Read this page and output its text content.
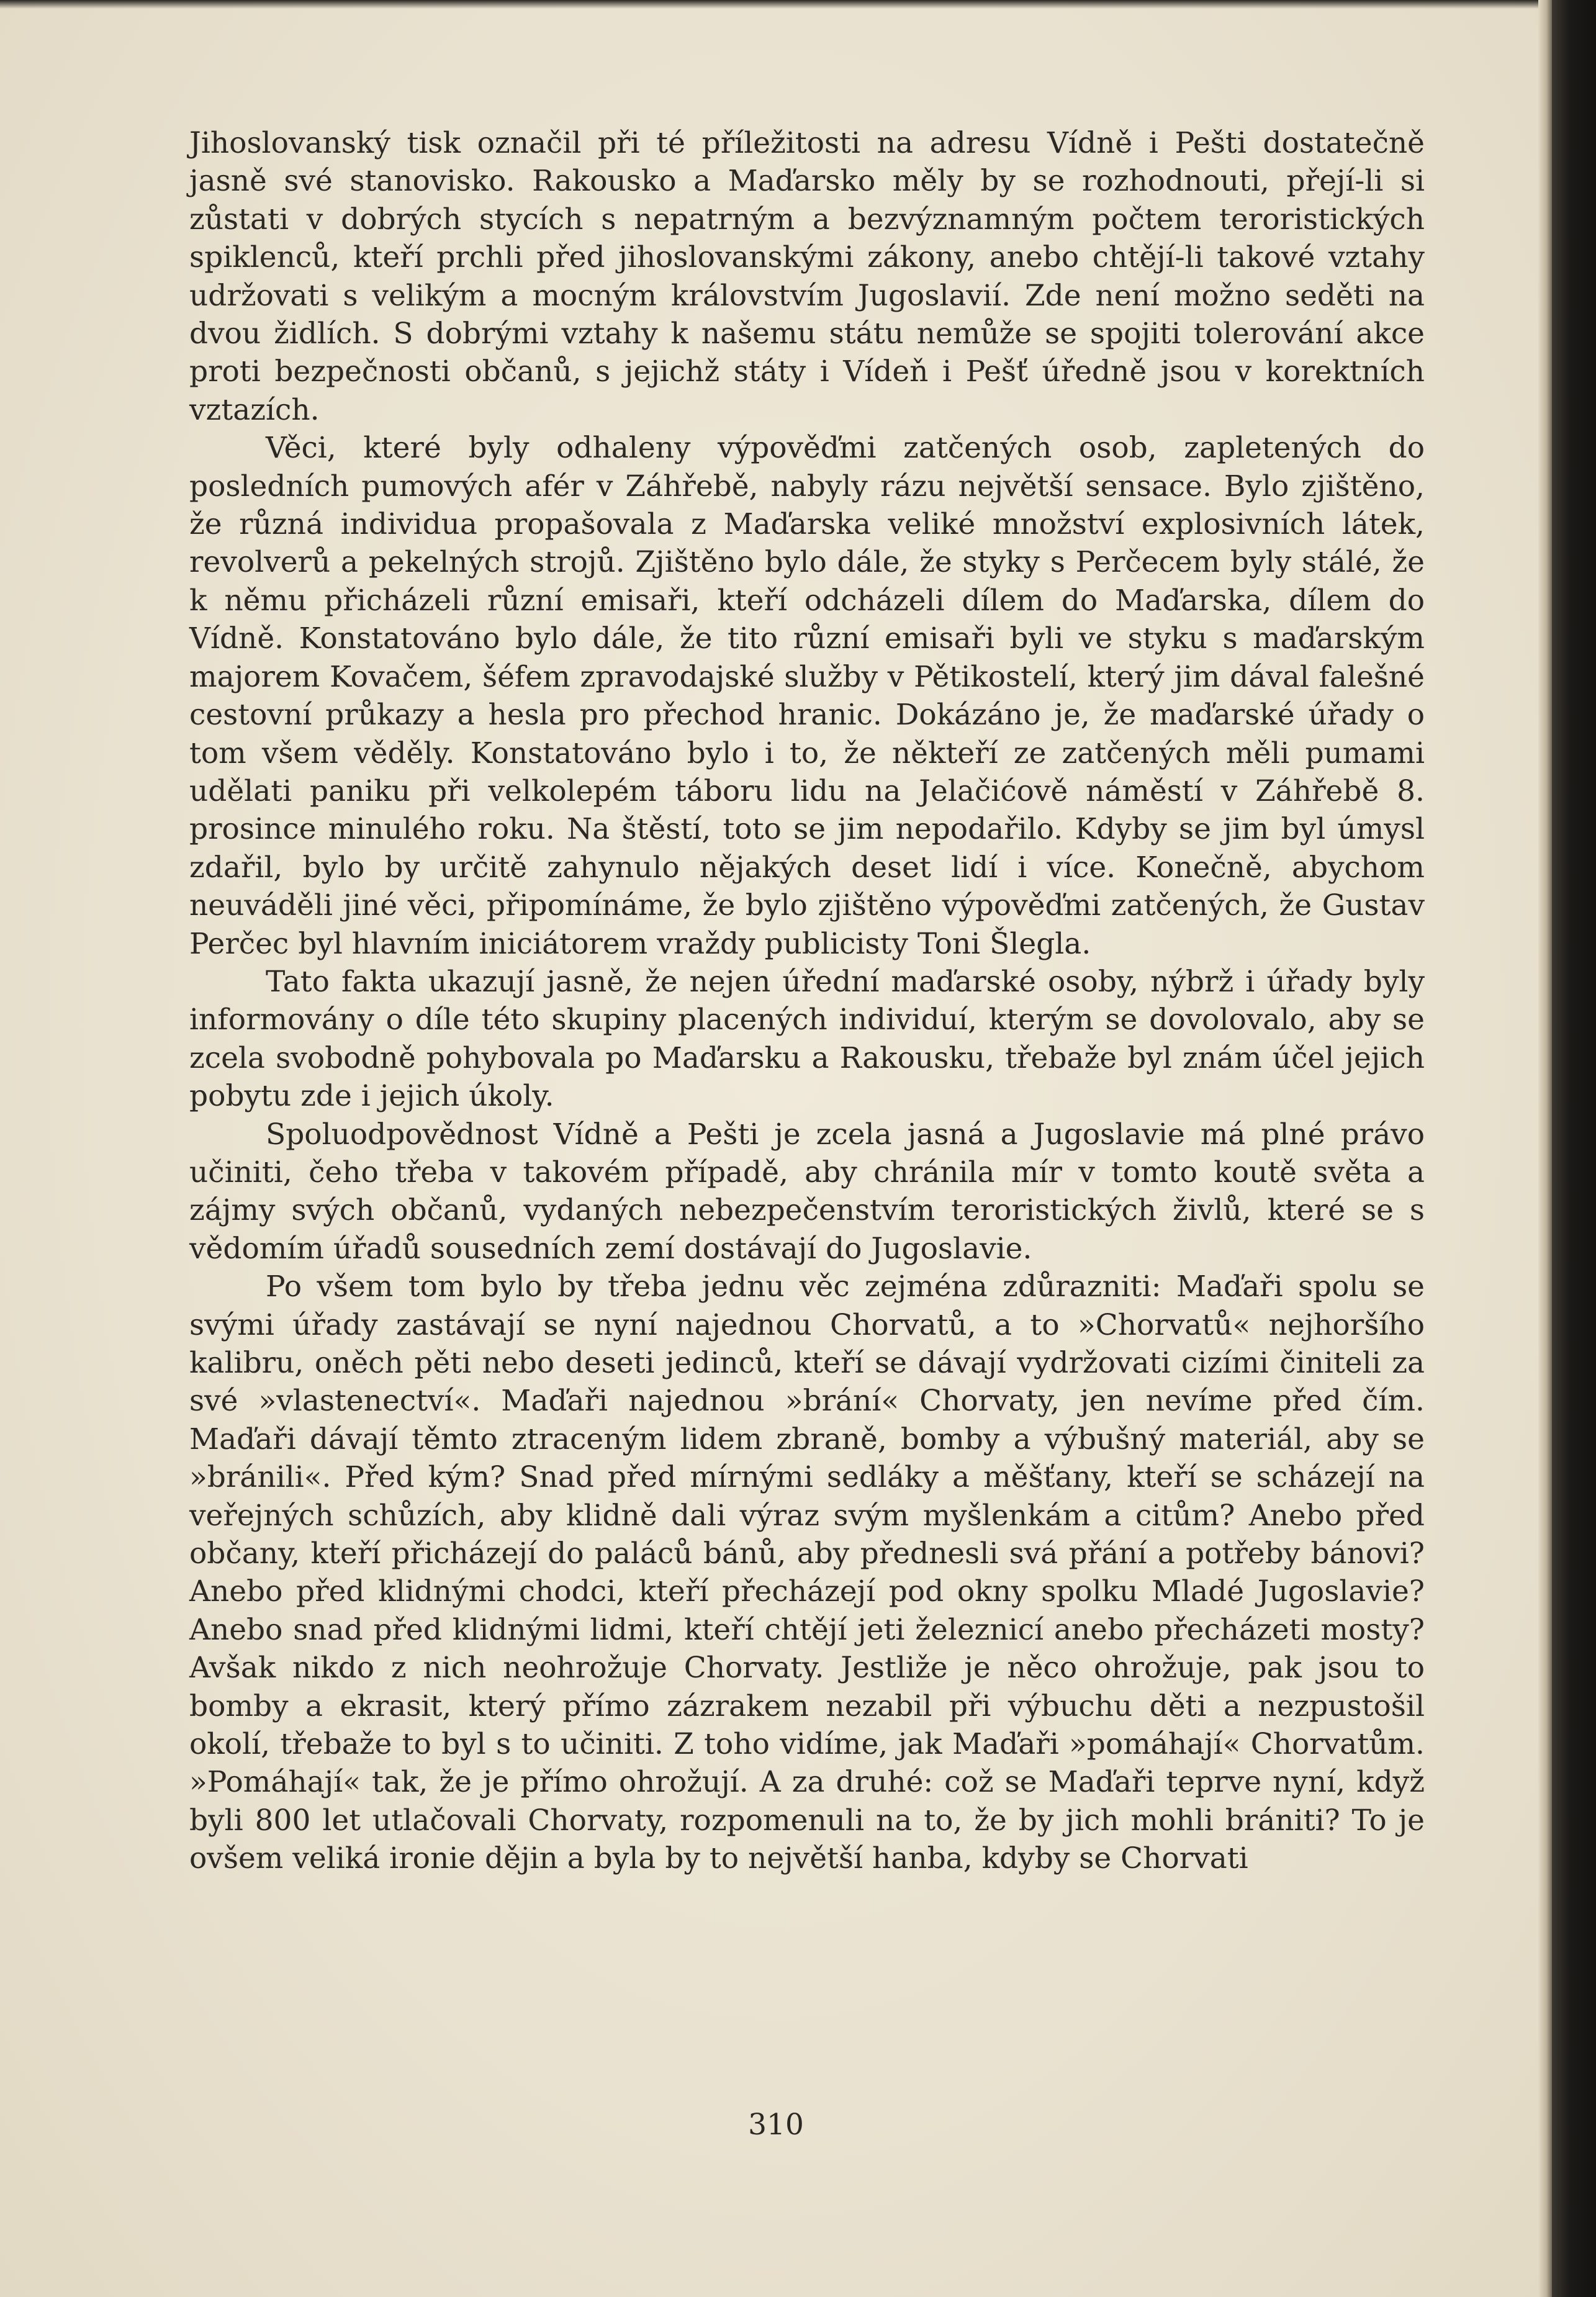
Jihoslovanský tisk označil při té příležitosti na adresu Vídně i Pešti dostatečně jasně své stanovisko. Rakousko a Maďarsko měly by se rozhodnouti, přejí-li si zůstati v dobrých stycích s nepatrným a bezvýznamným počtem teroristických spiklenců, kteří prchli před jihoslovanskými zákony, anebo chtějí-li takové vztahy udržovati s velikým a mocným královstvím Jugoslavií. Zde není možno seděti na dvou židlích. S dobrými vztahy k našemu státu nemůže se spojiti tolerování akce proti bezpečnosti občanů, s jejichž státy i Vídeň i Pešť úředně jsou v korektních vztazích.

Věci, které byly odhaleny výpověďmi zatčených osob, zapletených do posledních pumových afér v Záhřebě, nabyly rázu největší sensace. Bylo zjištěno, že různá individua propašovala z Maďarska veliké množství explosivních látek, revolverů a pekelných strojů. Zjištěno bylo dále, že styky s Perčecem byly stálé, že k němu přicházeli různí emisaři, kteří odcházeli dílem do Maďarska, dílem do Vídně. Konstatováno bylo dále, že tito různí emisaři byli ve styku s maďarským majorem Kovačem, šéfem zpravodajské služby v Pětikostelí, který jim dával falešné cestovní průkazy a hesla pro přechod hranic. Dokázáno je, že maďarské úřady o tom všem věděly. Konstatováno bylo i to, že někteří ze zatčených měli pumami udělati paniku při velkolepém táboru lidu na Jelačićově náměstí v Záhřebě 8. prosince minulého roku. Na štěstí, toto se jim nepodařilo. Kdyby se jim byl úmysl zdařil, bylo by určitě zahynulo nějakých deset lidí i více. Konečně, abychom neuváděli jiné věci, připomínáme, že bylo zjištěno výpověďmi zatčených, že Gustav Perčec byl hlavním iniciátorem vraždy publicisty Toni Šlegla.

Tato fakta ukazují jasně, že nejen úřední maďarské osoby, nýbrž i úřady byly informovány o díle této skupiny placených individuí, kterým se dovolovalo, aby se zcela svobodně pohybovala po Maďarsku a Rakousku, třebaže byl znám účel jejich pobytu zde i jejich úkoly.

Spoluodpovědnost Vídně a Pešti je zcela jasná a Jugoslavie má plné právo učiniti, čeho třeba v takovém případě, aby chránila mír v tomto koutě světa a zájmy svých občanů, vydaných nebezpečenstvím teroristických živlů, které se s vědomím úřadů sousedních zemí dostávají do Jugoslavie.

Po všem tom bylo by třeba jednu věc zejména zdůrazniti: Maďaři spolu se svými úřady zastávají se nyní najednou Chorvatů, a to »Chorvatů« nejhoršího kalibru, oněch pěti nebo deseti jedinců, kteří se dávají vydržovati cizími činiteli za své »vlastenectví«. Maďaři najednou »brání« Chorvaty, jen nevíme před čím. Maďaři dávají těmto ztraceným lidem zbraně, bomby a výbušný materiál, aby se »bránili«. Před kým? Snad před mírnými sedláky a měšťany, kteří se scházejí na veřejných schůzích, aby klidně dali výraz svým myšlenkám a citům? Anebo před občany, kteří přicházejí do paláců bánů, aby přednesli svá přání a potřeby bánovi? Anebo před klidnými chodci, kteří přecházejí pod okny spolku Mladé Jugoslavie? Anebo snad před klidnými lidmi, kteří chtějí jeti železnicí anebo přecházeti mosty? Avšak nikdo z nich neohrožuje Chorvaty. Jestliže je něco ohrožuje, pak jsou to bomby a ekrasit, který přímo zázrakem nezabil při výbuchu děti a nezpustošil okolí, třebaže to byl s to učiniti. Z toho vidíme, jak Maďaři »pomáhají« Chorvatům. »Pomáhají« tak, že je přímo ohrožují. A za druhé: což se Maďaři teprve nyní, když byli 800 let utlačovali Chorvaty, rozpomenuli na to, že by jich mohli brániti? To je ovšem veliká ironie dějin a byla by to největší hanba, kdyby se Chorvati

310
